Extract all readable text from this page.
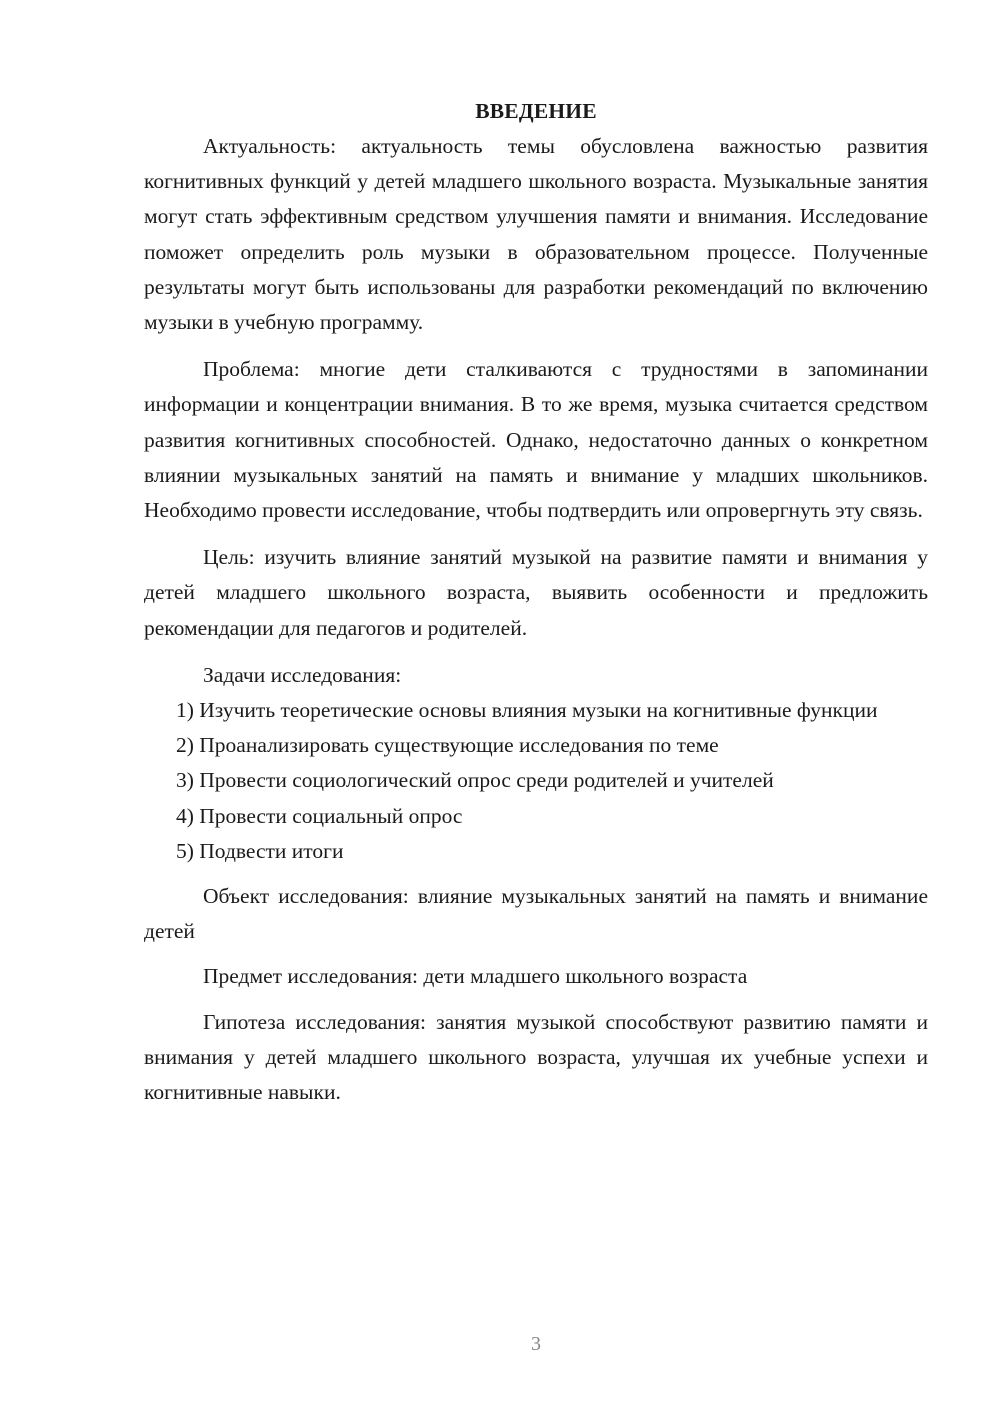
ВВЕДЕНИЕ

Актуальность: актуальность темы обусловлена важностью развития когнитивных функций у детей младшего школьного возраста. Музыкальные занятия могут стать эффективным средством улучшения памяти и внимания. Исследование поможет определить роль музыки в образовательном процессе. Полученные результаты могут быть использованы для разработки рекомендаций по включению музыки в учебную программу.

Проблема: многие дети сталкиваются с трудностями в запоминании информации и концентрации внимания. В то же время, музыка считается средством развития когнитивных способностей. Однако, недостаточно данных о конкретном влиянии музыкальных занятий на память и внимание у младших школьников. Необходимо провести исследование, чтобы подтвердить или опровергнуть эту связь.

Цель: изучить влияние занятий музыкой на развитие памяти и внимания у детей младшего школьного возраста, выявить особенности и предложить рекомендации для педагогов и родителей.

Задачи исследования:

1) Изучить теоретические основы влияния музыки на когнитивные функции

2) Проанализировать существующие исследования по теме

3) Провести социологический опрос среди родителей и учителей

4) Провести социальный опрос

5) Подвести итоги

Объект исследования: влияние музыкальных занятий на память и внимание детей

Предмет исследования: дети младшего школьного возраста

Гипотеза исследования: занятия музыкой способствуют развитию памяти и внимания у детей младшего школьного возраста, улучшая их учебные успехи и когнитивные навыки.

3
